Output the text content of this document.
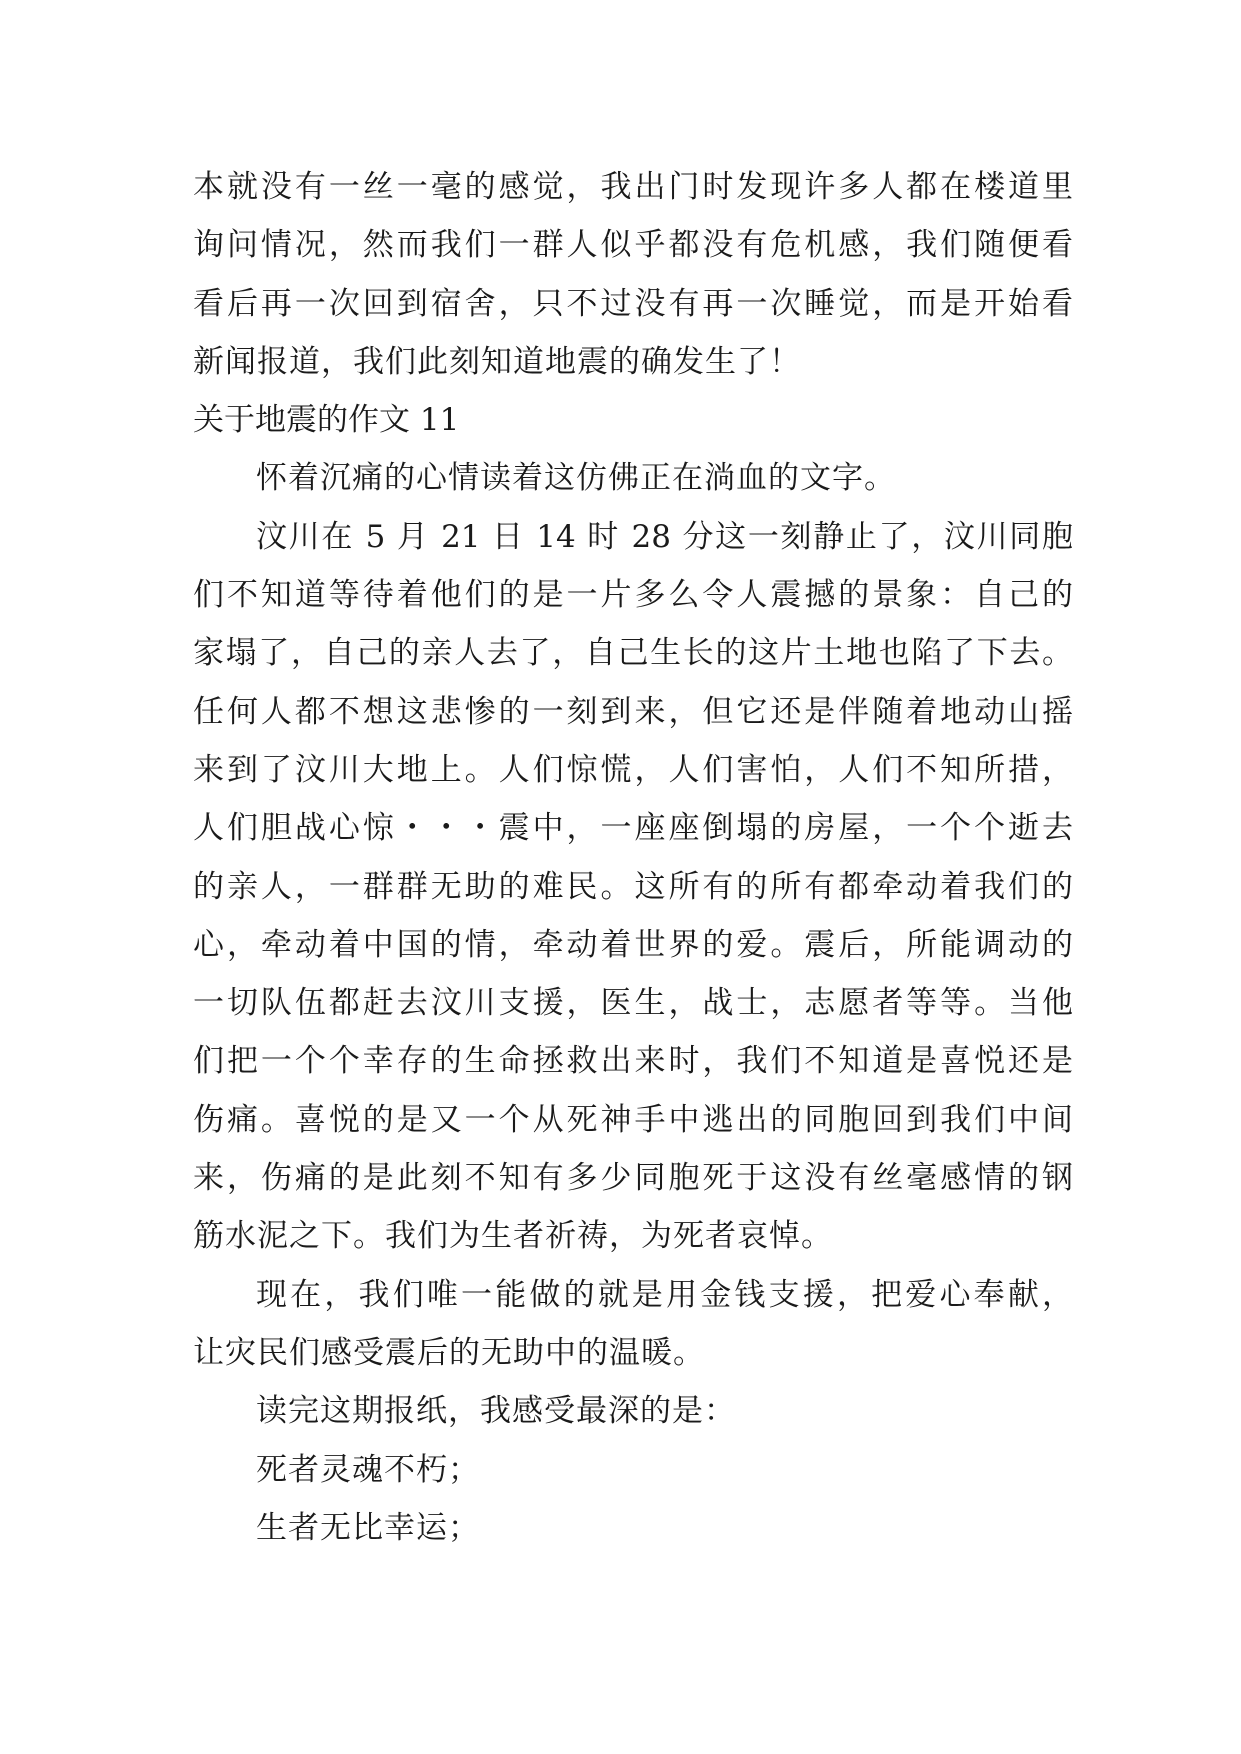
本就没有一丝一毫的感觉，我出门时发现许多人都在楼道里
询问情况，然而我们一群人似乎都没有危机感，我们随便看
看后再一次回到宿舍，只不过没有再一次睡觉，而是开始看
新闻报道，我们此刻知道地震的确发生了！
关于地震的作文 11
怀着沉痛的心情读着这仿佛正在淌血的文字。
汶川在 5 月 21 日 14 时 28 分这一刻静止了，汶川同胞
们不知道等待着他们的是一片多么令人震撼的景象：自己的
家塌了，自己的亲人去了，自己生长的这片土地也陷了下去。
任何人都不想这悲惨的一刻到来，但它还是伴随着地动山摇
来到了汶川大地上。人们惊慌，人们害怕，人们不知所措，
人们胆战心惊・・・震中，一座座倒塌的房屋，一个个逝去
的亲人，一群群无助的难民。这所有的所有都牵动着我们的
心，牵动着中国的情，牵动着世界的爱。震后，所能调动的
一切队伍都赶去汶川支援，医生，战士，志愿者等等。当他
们把一个个幸存的生命拯救出来时，我们不知道是喜悦还是
伤痛。喜悦的是又一个从死神手中逃出的同胞回到我们中间
来，伤痛的是此刻不知有多少同胞死于这没有丝毫感情的钢
筋水泥之下。我们为生者祈祷，为死者哀悼。
现在，我们唯一能做的就是用金钱支援，把爱心奉献，
让灾民们感受震后的无助中的温暖。
读完这期报纸，我感受最深的是：
死者灵魂不朽；
生者无比幸运；
